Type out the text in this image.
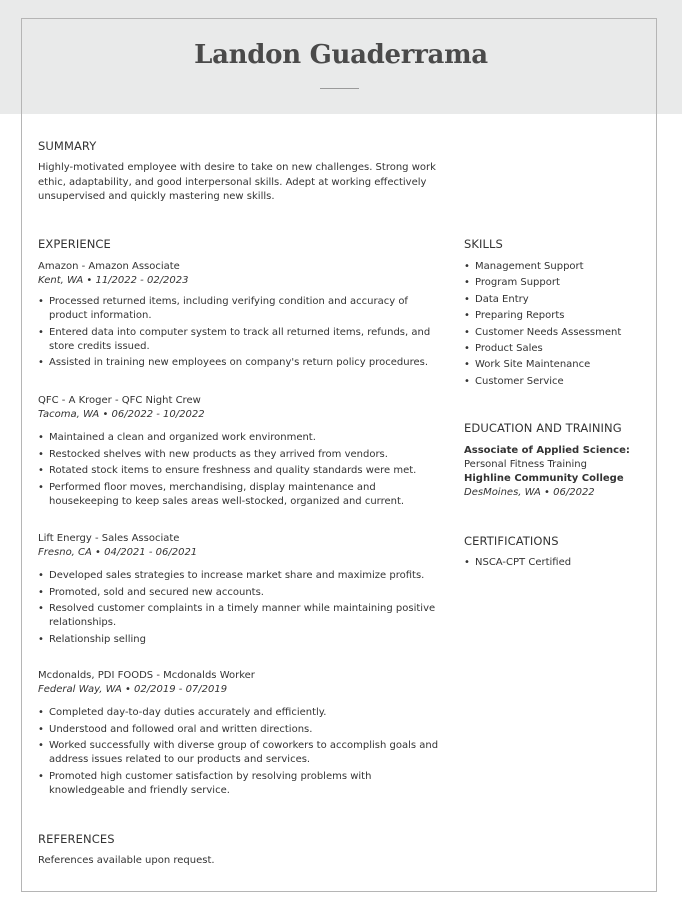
Landon Guaderrama
SUMMARY
Highly-motivated employee with desire to take on new challenges. Strong work ethic, adaptability, and good interpersonal skills. Adept at working effectively unsupervised and quickly mastering new skills.
EXPERIENCE
Amazon - Amazon Associate
Kent, WA • 11/2022 - 02/2023
• Processed returned items, including verifying condition and accuracy of product information.
• Entered data into computer system to track all returned items, refunds, and store credits issued.
• Assisted in training new employees on company's return policy procedures.
QFC - A Kroger - QFC Night Crew
Tacoma, WA • 06/2022 - 10/2022
• Maintained a clean and organized work environment.
• Restocked shelves with new products as they arrived from vendors.
• Rotated stock items to ensure freshness and quality standards were met.
• Performed floor moves, merchandising, display maintenance and housekeeping to keep sales areas well-stocked, organized and current.
Lift Energy - Sales Associate
Fresno, CA • 04/2021 - 06/2021
• Developed sales strategies to increase market share and maximize profits.
• Promoted, sold and secured new accounts.
• Resolved customer complaints in a timely manner while maintaining positive relationships.
• Relationship selling
Mcdonalds, PDI FOODS - Mcdonalds Worker
Federal Way, WA • 02/2019 - 07/2019
• Completed day-to-day duties accurately and efficiently.
• Understood and followed oral and written directions.
• Worked successfully with diverse group of coworkers to accomplish goals and address issues related to our products and services.
• Promoted high customer satisfaction by resolving problems with knowledgeable and friendly service.
REFERENCES
References available upon request.
SKILLS
• Management Support
• Program Support
• Data Entry
• Preparing Reports
• Customer Needs Assessment
• Product Sales
• Work Site Maintenance
• Customer Service
EDUCATION AND TRAINING
Associate of Applied Science:
Personal Fitness Training
Highline Community College
DesMoines, WA • 06/2022
CERTIFICATIONS
• NSCA-CPT Certified
